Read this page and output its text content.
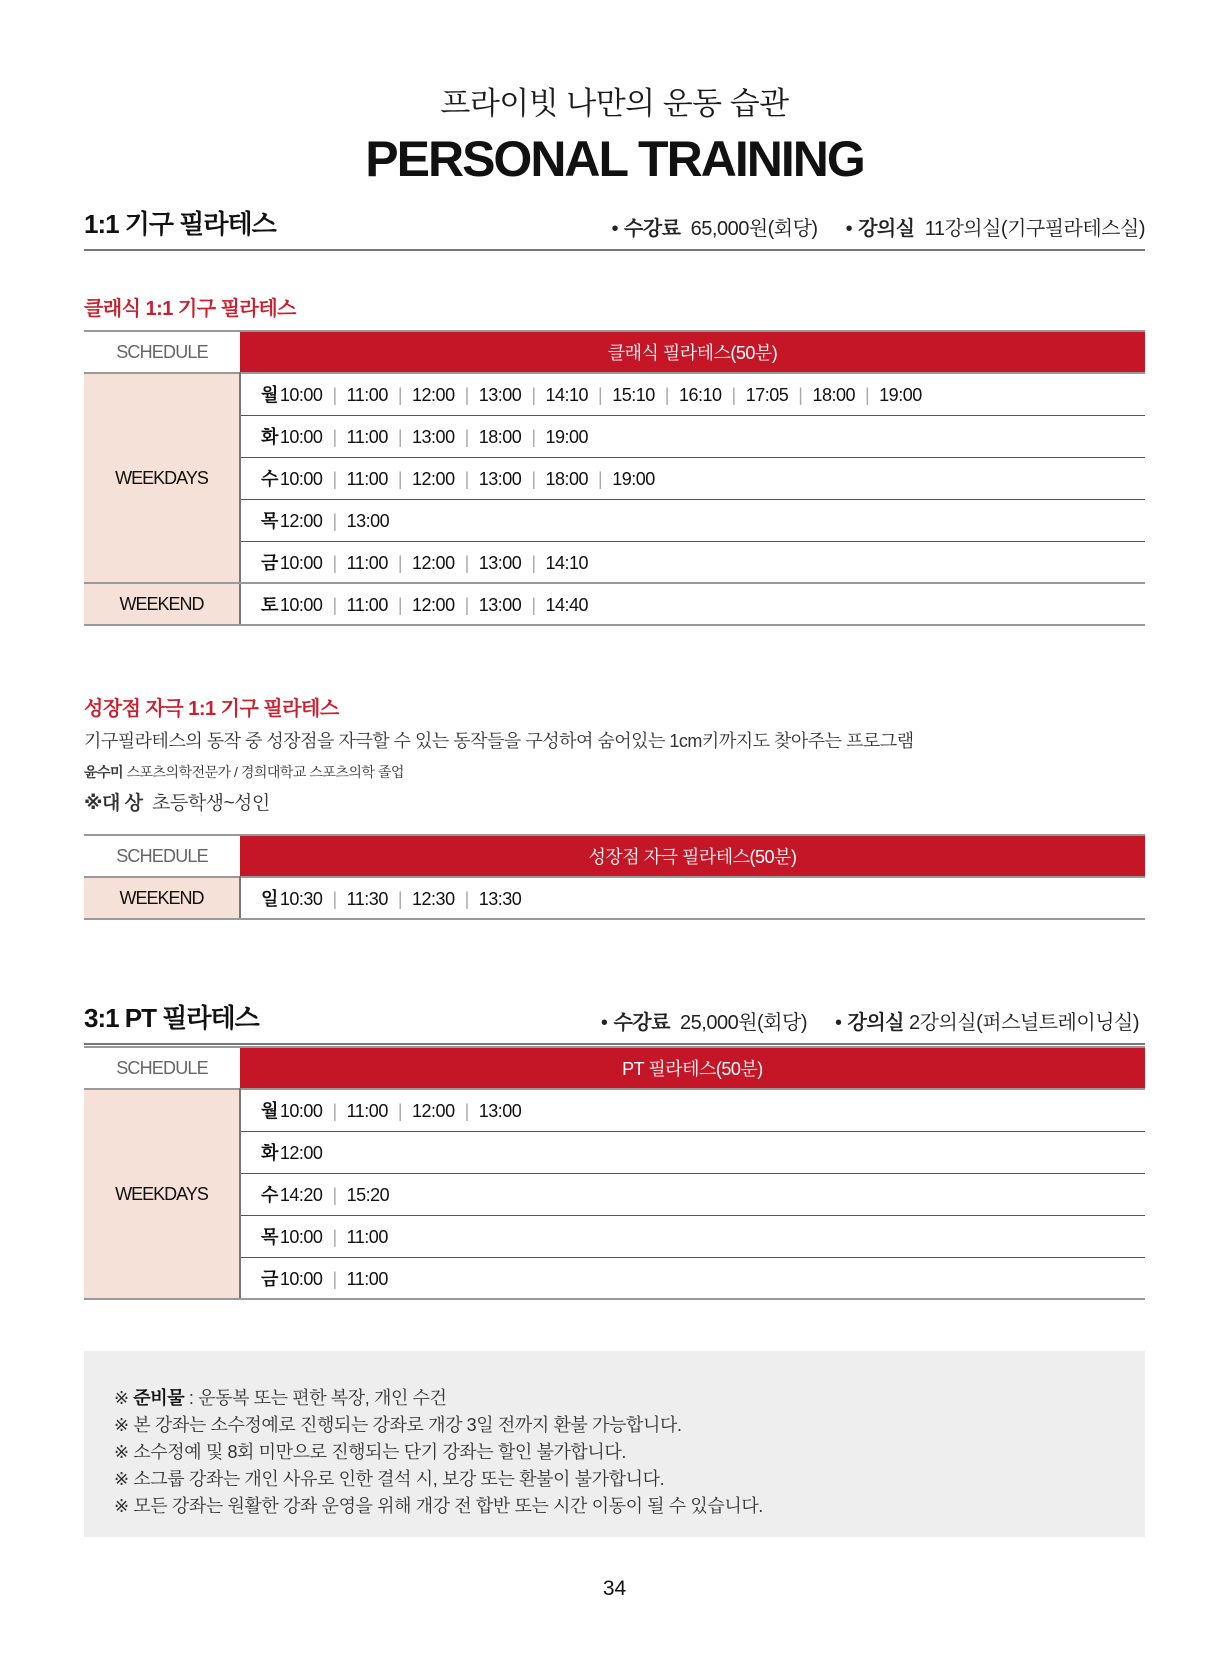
프라이빗 나만의 운동 습관
PERSONAL TRAINING
1:1 기구 필라테스	• 수강료 65,000원(회당) • 강의실 11강의실(기구필라테스실)
클래식 1:1 기구 필라테스
SCHEDULE	클래식 필라테스(50분)
WEEKDAYS	월 10:00 | 11:00 | 12:00 | 13:00 | 14:10 | 15:10 | 16:10 | 17:05 | 18:00 | 19:00
	화 10:00 | 11:00 | 13:00 | 18:00 | 19:00
	수 10:00 | 11:00 | 12:00 | 13:00 | 18:00 | 19:00
	목 12:00 | 13:00
	금 10:00 | 11:00 | 12:00 | 13:00 | 14:10
WEEKEND	토 10:00 | 11:00 | 12:00 | 13:00 | 14:40
성장점 자극 1:1 기구 필라테스
기구필라테스의 동작 중 성장점을 자극할 수 있는 동작들을 구성하여 숨어있는 1cm키까지도 찾아주는 프로그램
윤수미 스포츠의학전문가 / 경희대학교 스포츠의학 졸업
※대 상 초등학생~성인
SCHEDULE	성장점 자극 필라테스(50분)
WEEKEND	일 10:30 | 11:30 | 12:30 | 13:30
3:1 PT 필라테스	• 수강료 25,000원(회당) • 강의실 2강의실(퍼스널트레이닝실)
SCHEDULE	PT 필라테스(50분)
WEEKDAYS	월 10:00 | 11:00 | 12:00 | 13:00
	화 12:00
	수 14:20 | 15:20
	목 10:00 | 11:00
	금 10:00 | 11:00
※ 준비물 : 운동복 또는 편한 복장, 개인 수건
※ 본 강좌는 소수정예로 진행되는 강좌로 개강 3일 전까지 환불 가능합니다.
※ 소수정예 및 8회 미만으로 진행되는 단기 강좌는 할인 불가합니다.
※ 소그룹 강좌는 개인 사유로 인한 결석 시, 보강 또는 환불이 불가합니다.
※ 모든 강좌는 원활한 강좌 운영을 위해 개강 전 합반 또는 시간 이동이 될 수 있습니다.
34
